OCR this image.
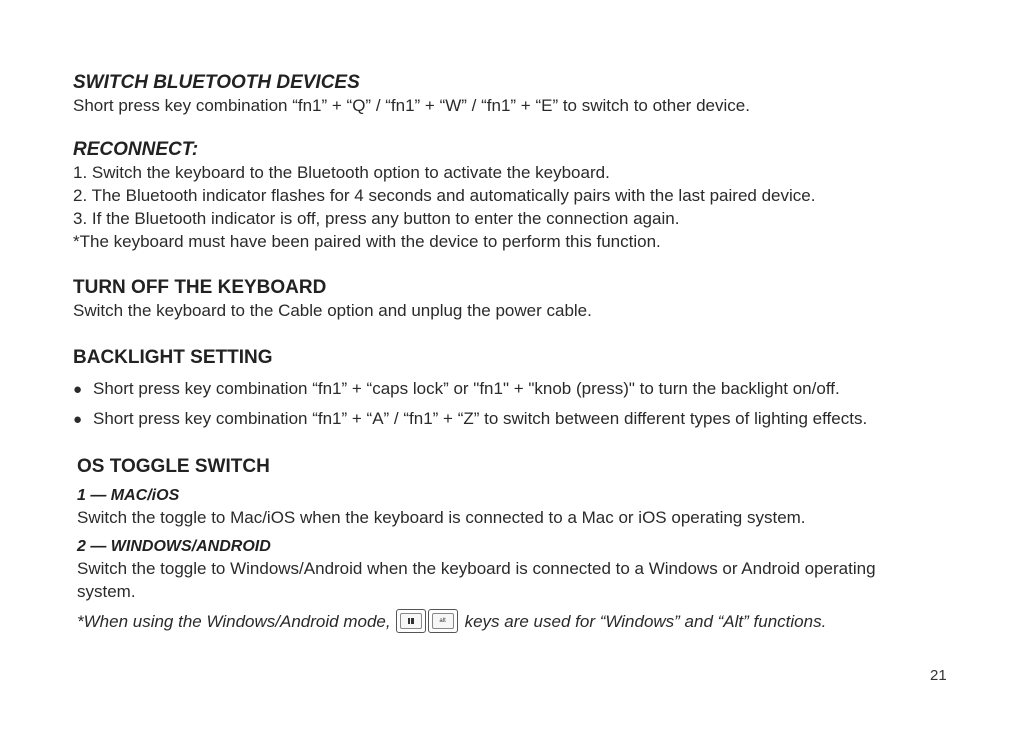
SWITCH BLUETOOTH DEVICES

Short press key combination “fn1” + “Q” / “fn1” + “W” / “fn1” + “E” to switch to other device.

RECONNECT:

1. Switch the keyboard to the Bluetooth option to activate the keyboard.

2. The Bluetooth indicator flashes for 4 seconds and automatically pairs with the last paired device.

3. If the Bluetooth indicator is off, press any button to enter the connection again.

*The keyboard must have been paired with the device to perform this function.

TURN OFF THE KEYBOARD

Switch the keyboard to the Cable option and unplug the power cable.

BACKLIGHT SETTING

● Short press key combination “fn1” + “caps lock” or "fn1" + "knob (press)" to turn the backlight on/off.
● Short press key combination “fn1” + “A” / “fn1” + “Z” to switch between different types of lighting effects.

OS TOGGLE SWITCH

1 — MAC/iOS

Switch the toggle to Mac/iOS when the keyboard is connected to a Mac or iOS operating system.

2 — WINDOWS/ANDROID

Switch the toggle to Windows/Android when the keyboard is connected to a Windows or Android operating system.

*When using the Windows/Android mode,	alt	keys are used for “Windows” and “Alt” functions.
21
